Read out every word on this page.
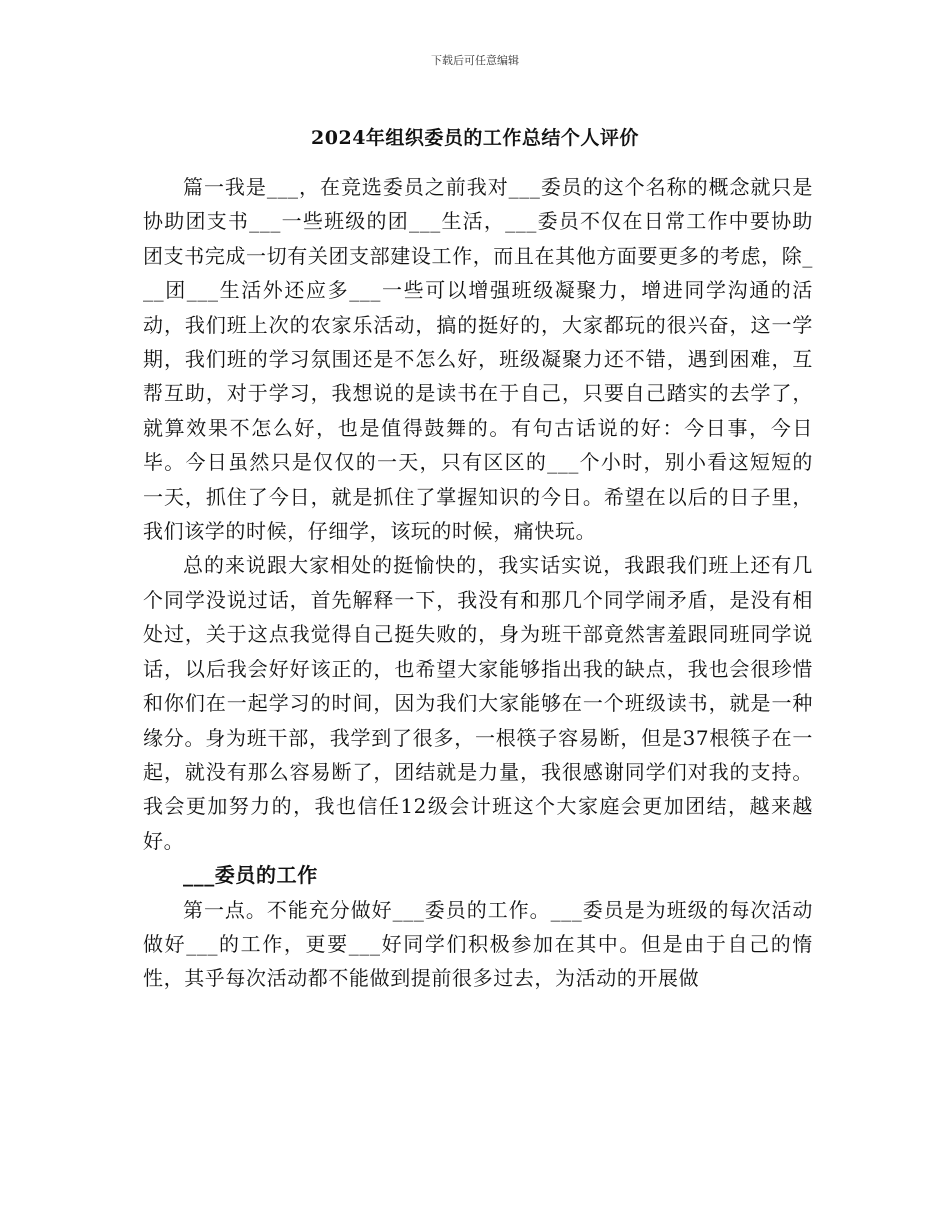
下载后可任意编辑
2024年组织委员的工作总结个人评价

篇一我是___，在竞选委员之前我对___委员的这个名称的概念就只是协助团支书___一些班级的团___生活，___委员不仅在日常工作中要协助团支书完成一切有关团支部建设工作，而且在其他方面要更多的考虑，除___团___生活外还应多___一些可以增强班级凝聚力，增进同学沟通的活动，我们班上次的农家乐活动，搞的挺好的，大家都玩的很兴奋，这一学期，我们班的学习氛围还是不怎么好，班级凝聚力还不错，遇到困难，互帮互助，对于学习，我想说的是读书在于自己，只要自己踏实的去学了，就算效果不怎么好，也是值得鼓舞的。有句古话说的好：今日事，今日毕。今日虽然只是仅仅的一天，只有区区的___个小时，别小看这短短的一天，抓住了今日，就是抓住了掌握知识的今日。希望在以后的日子里，我们该学的时候，仔细学，该玩的时候，痛快玩。

总的来说跟大家相处的挺愉快的，我实话实说，我跟我们班上还有几个同学没说过话，首先解释一下，我没有和那几个同学闹矛盾，是没有相处过，关于这点我觉得自己挺失败的，身为班干部竟然害羞跟同班同学说话，以后我会好好该正的，也希望大家能够指出我的缺点，我也会很珍惜和你们在一起学习的时间，因为我们大家能够在一个班级读书，就是一种缘分。身为班干部，我学到了很多，一根筷子容易断，但是37根筷子在一起，就没有那么容易断了，团结就是力量，我很感谢同学们对我的支持。我会更加努力的，我也信任12级会计班这个大家庭会更加团结，越来越好。

___委员的工作

第一点。不能充分做好___委员的工作。___委员是为班级的每次活动做好___的工作，更要___好同学们积极参加在其中。但是由于自己的惰性，其乎每次活动都不能做到提前很多过去，为活动的开展做
